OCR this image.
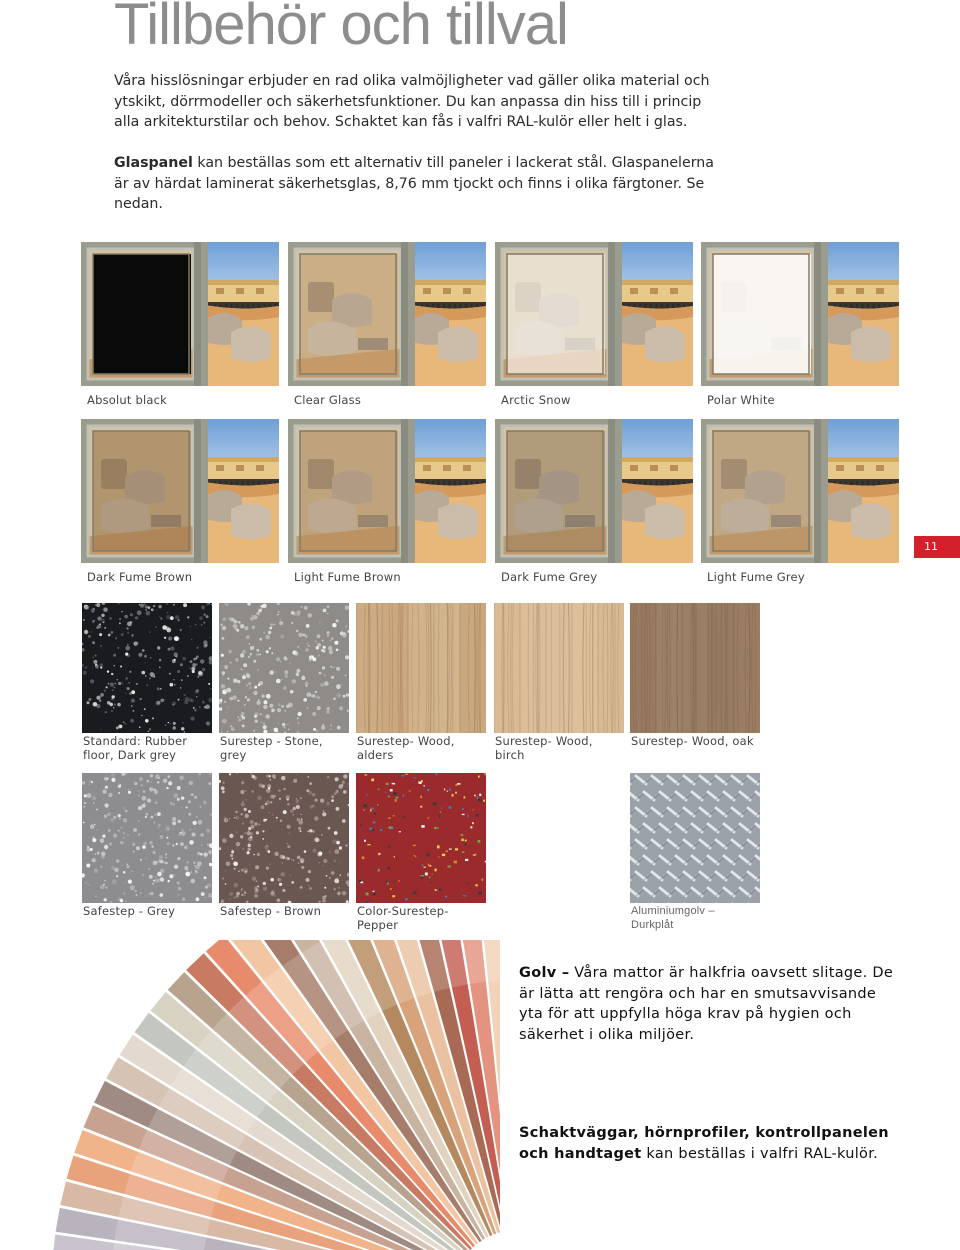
Tillbehör och tillval
Våra hisslösningar erbjuder en rad olika valmöjligheter vad gäller olika material och ytskikt, dörrmodeller och säkerhetsfunktioner. Du kan anpassa din hiss till i princip alla arkitekturstilar och behov. Schaktet kan fås i valfri RAL-kulör eller helt i glas.
Glaspanel kan beställas som ett alternativ till paneler i lackerat stål. Glaspanelerna är av härdat laminerat säkerhetsglas, 8,76 mm tjockt och finns i olika färgtoner. Se nedan.
Absolut black	Clear Glass	Arctic Snow	Polar White
Dark Fume Brown	Light Fume Brown	Dark Fume Grey	Light Fume Grey
11
Standard: Rubber floor, Dark grey
Surestep - Stone, grey
Surestep- Wood, alders
Surestep- Wood, birch
Surestep- Wood, oak
Safestep - Grey	Safestep - Brown	Color-Surestep- Pepper
Aluminiumgolv – Durkplåt
Golv – Våra mattor är halkfria oavsett slitage. De är lätta att rengöra och har en smutsavvisande yta för att uppfylla höga krav på hygien och säkerhet i olika miljöer.
Schaktväggar, hörnprofiler, kontrollpanelen och handtaget kan beställas i valfri RAL-kulör.
